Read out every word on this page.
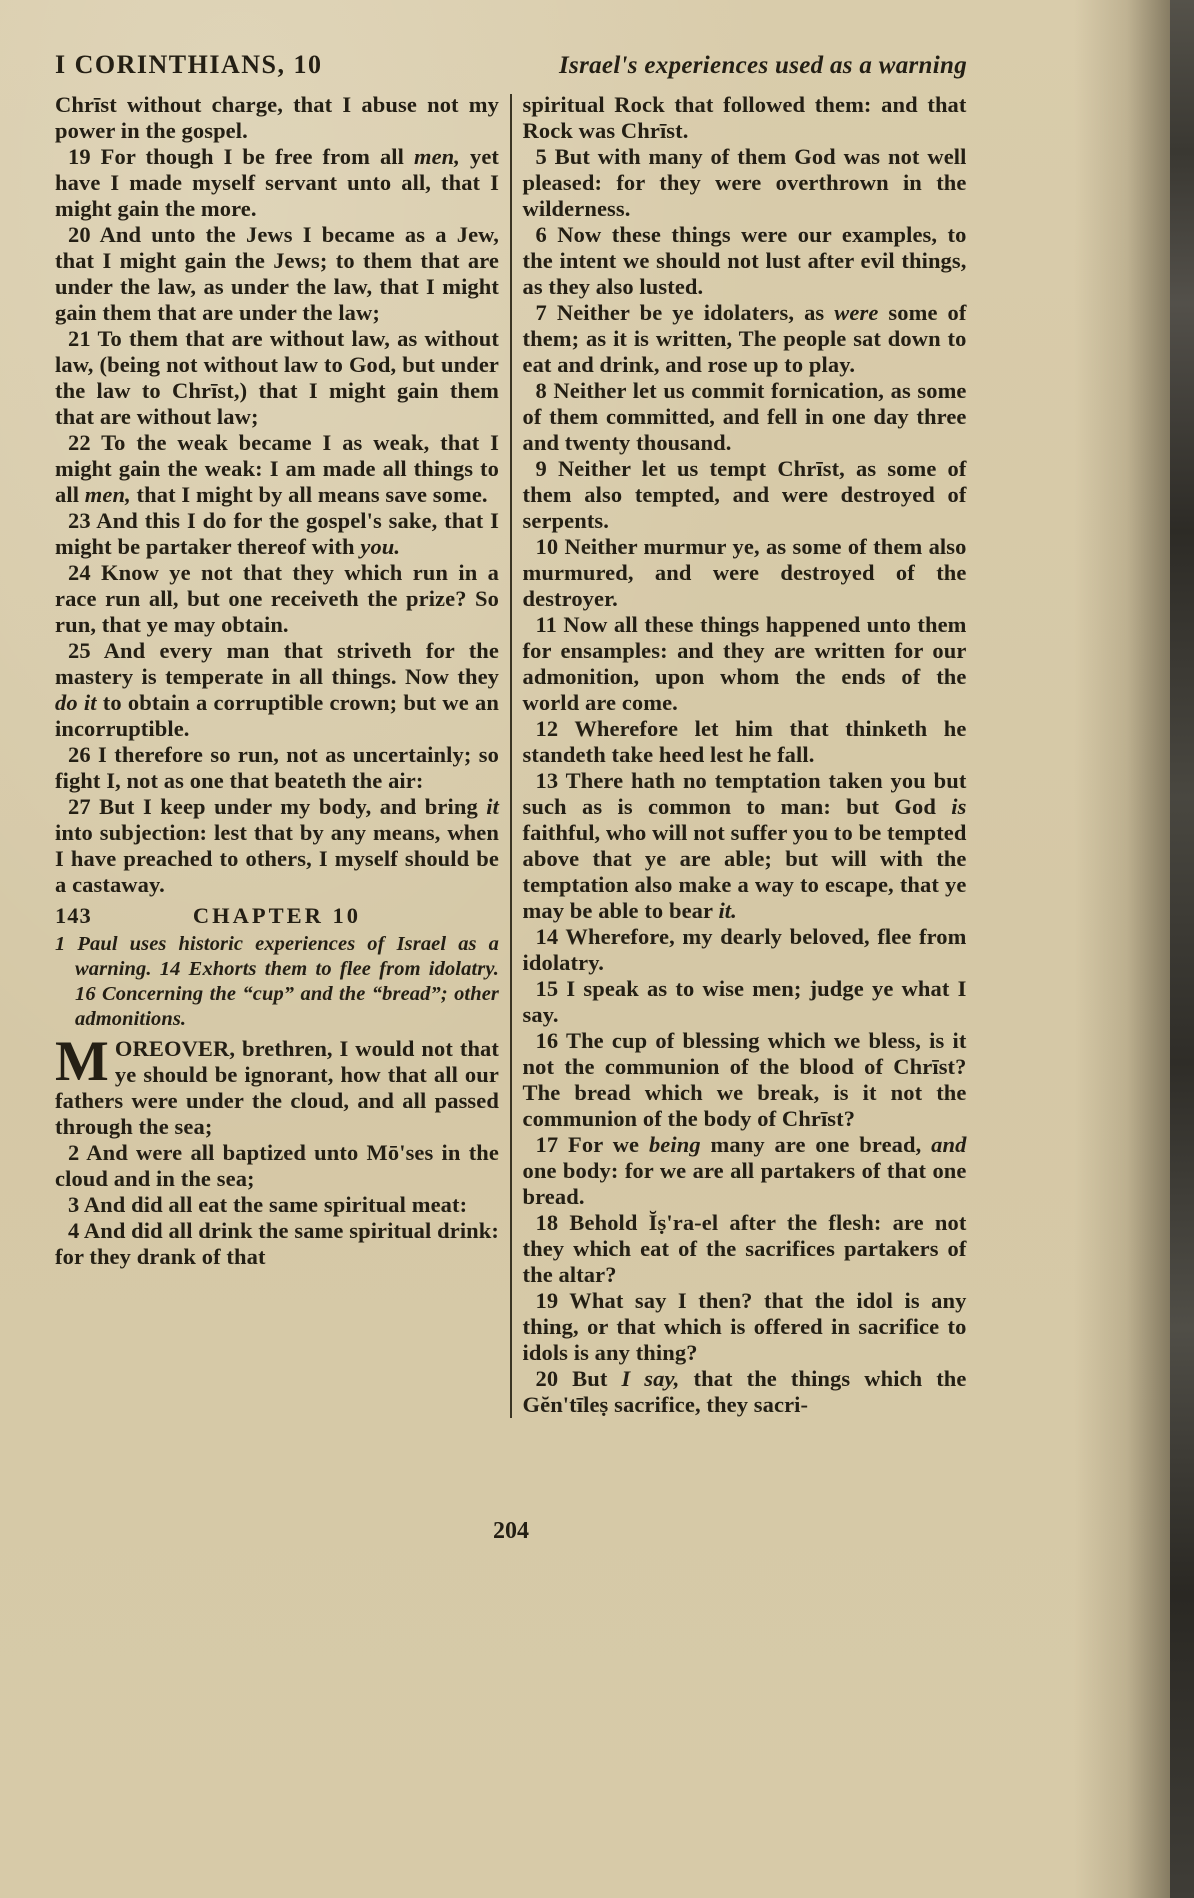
I CORINTHIANS, 10	Israel's experiences used as a warning
Chrīst without charge, that I abuse not my power in the gospel.
19 For though I be free from all men, yet have I made myself servant unto all, that I might gain the more.
20 And unto the Jews I became as a Jew, that I might gain the Jews; to them that are under the law, as under the law, that I might gain them that are under the law;
21 To them that are without law, as without law, (being not without law to God, but under the law to Chrīst,) that I might gain them that are without law;
22 To the weak became I as weak, that I might gain the weak: I am made all things to all men, that I might by all means save some.
23 And this I do for the gospel's sake, that I might be partaker thereof with you.
24 Know ye not that they which run in a race run all, but one receiveth the prize? So run, that ye may obtain.
25 And every man that striveth for the mastery is temperate in all things. Now they do it to obtain a corruptible crown; but we an incorruptible.
26 I therefore so run, not as uncertainly; so fight I, not as one that beateth the air:
27 But I keep under my body, and bring it into subjection: lest that by any means, when I have preached to others, I myself should be a castaway.
143	CHAPTER 10
1 Paul uses historic experiences of Israel as a warning. 14 Exhorts them to flee from idolatry. 16 Concerning the “cup” and the “bread”; other admonitions.
MOREOVER, brethren, I would not that ye should be ignorant, how that all our fathers were under the cloud, and all passed through the sea;
2 And were all baptized unto Mō'ses in the cloud and in the sea;
3 And did all eat the same spiritual meat:
4 And did all drink the same spiritual drink: for they drank of that
spiritual Rock that followed them: and that Rock was Chrīst.
5 But with many of them God was not well pleased: for they were overthrown in the wilderness.
6 Now these things were our examples, to the intent we should not lust after evil things, as they also lusted.
7 Neither be ye idolaters, as were some of them; as it is written, The people sat down to eat and drink, and rose up to play.
8 Neither let us commit fornication, as some of them committed, and fell in one day three and twenty thousand.
9 Neither let us tempt Chrīst, as some of them also tempted, and were destroyed of serpents.
10 Neither murmur ye, as some of them also murmured, and were destroyed of the destroyer.
11 Now all these things happened unto them for ensamples: and they are written for our admonition, upon whom the ends of the world are come.
12 Wherefore let him that thinketh he standeth take heed lest he fall.
13 There hath no temptation taken you but such as is common to man: but God is faithful, who will not suffer you to be tempted above that ye are able; but will with the temptation also make a way to escape, that ye may be able to bear it.
14 Wherefore, my dearly beloved, flee from idolatry.
15 I speak as to wise men; judge ye what I say.
16 The cup of blessing which we bless, is it not the communion of the blood of Chrīst? The bread which we break, is it not the communion of the body of Chrīst?
17 For we being many are one bread, and one body: for we are all partakers of that one bread.
18 Behold Ĭṣ'ra-el after the flesh: are not they which eat of the sacrifices partakers of the altar?
19 What say I then? that the idol is any thing, or that which is offered in sacrifice to idols is any thing?
20 But I say, that the things which the Gĕn'tīleṣ sacrifice, they sacri-
204
